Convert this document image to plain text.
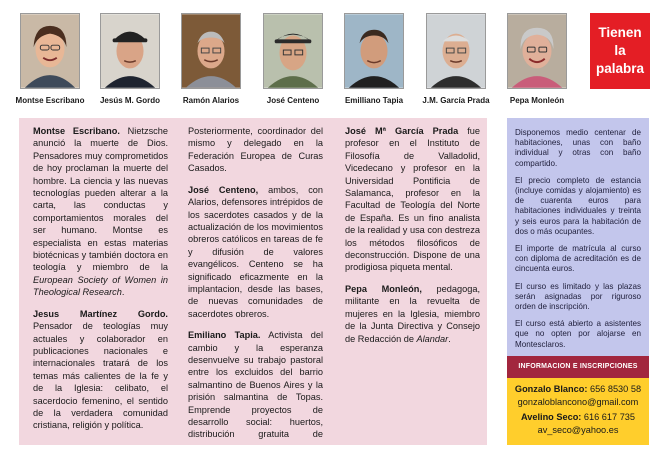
Montse Escribano	Jesús M. Gordo	Ramón Alarios	José Centeno	Emilliano Tapia	J.M. García Prada	Pepa Monleón
Tienen
la
palabra

Montse Escribano. Nietzsche anunció la muerte de Dios. Pensadores muy comprometidos de hoy proclaman la muerte del hombre. La ciencia y las nuevas tecnologías pueden alterar a la carta, las conductas y comportamientos morales del ser humano. Montse es especialista en estas materias biotécnicas y también doctora en teología y miembro de la European Society of Women in Theological Research.

Jesus Martínez Gordo. Pensador de teologías muy actuales y colaborador en publicaciones nacionales e internacionales tratará de los temas más calientes de la fe y de la Iglesia: celibato, el sacerdocio femenino, el sentido de la verdadera comunidad cristiana, religión y política.

Posteriormente, coordinador del mismo y delegado en la Federación Europea de Curas Casados.

José Centeno, ambos, con Alarios, defensores intrépidos de los sacerdotes casados y de la actualización de los movimientos obreros católicos en tareas de fe y difusión de valores evangélicos. Centeno se ha significado eficazmente en la implantacion, desde las bases, de nuevas comunidades de sacerdotes obreros.

Emiliano Tapia. Activista del cambio y la esperanza desenvuelve su trabajo pastoral entre los excluidos del barrio salmantino de Buenos Aires y la prisión salmantina de Topas. Emprende proyectos de desarrollo social: huertos, distribución gratuita de

José Mª García Prada fue profesor en el Instituto de Filosofía de Valladolid, Vicedecano y profesor en la Universidad Pontificia de Salamanca, profesor en la Facultad de Teología del Norte de España. Es un fino analista de la realidad y usa con destreza los métodos filosóficos de deconstrucción. Dispone de una prodigiosa piqueta mental.

Pepa Monleón, pedagoga, militante en la revuelta de mujeres en la Iglesia, miembro de la Junta Directiva y Consejo de Redacción de Alandar.

Disponemos medio centenar de habitaciones, unas con baño individual y otras con baño compartido.

El precio completo de estancia (incluye comidas y alojamiento) es de cuarenta euros para habitaciones individuales y treinta y seis euros para la habitación de dos o más ocupantes.

El importe de matrícula al curso con diploma de acreditación es de cincuenta euros.

El curso es limitado y las plazas serán asignadas por riguroso orden de inscripción.

El curso está abierto a asistentes que no opten por alojarse en Montesclaros.

INFORMACION E INSCRIPCIONES
Gonzalo Blanco: 656 8530 58
gonzaloblancono@gmail.com
Avelino Seco: 616 617 735
av_seco@yahoo.es
